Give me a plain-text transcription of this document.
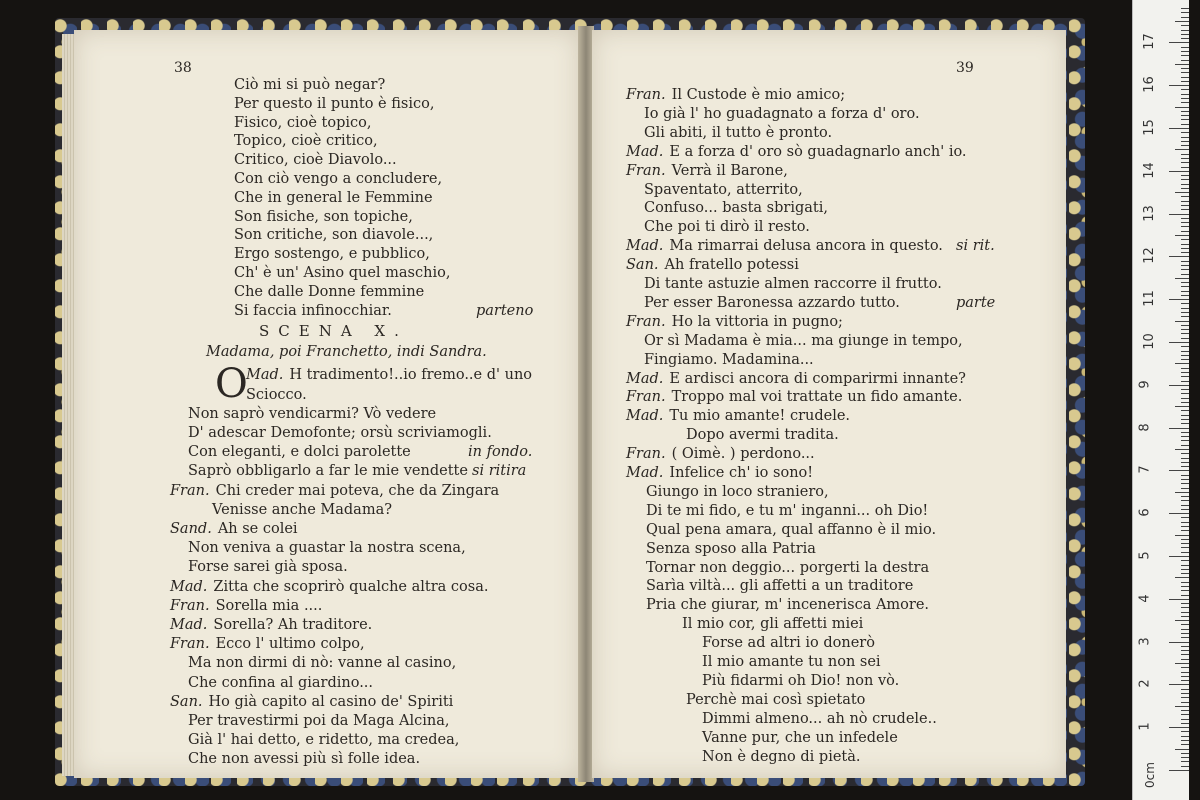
38
Ciò mi si può negar?
Per questo il punto è fisico,
Fisico, cioè topico,
Topico, cioè critico,
Critico, cioè Diavolo...
Con ciò vengo a concludere,
Che in general le Femmine
Son fisiche, son topiche,
Son critiche, son diavole...,
Ergo sostengo, e pubblico,
Ch' è un' Asino quel maschio,
Che dalle Donne femmine
Si faccia infinocchiar.	parteno
SCENA X.
Madama, poi Franchetto, indi Sandra.
O
Mad. H tradimento!..io fremo..e d' uno
Sciocco.
Non saprò vendicarmi? Vò vedere
D' adescar Demofonte; orsù scriviamogli.
Con eleganti, e dolci parolette
Saprò obbligarlo a far le mie vendette
Fran. Chi creder mai poteva, che da Zingara
Venisse anche Madama?
Sand. Ah se colei
Non veniva a guastar la nostra scena,
Forse sarei già sposa.
Mad. Zitta che scoprirò qualche altra cosa.
Fran. Sorella mia ....
Mad. Sorella? Ah traditore.
Fran. Ecco l' ultimo colpo,
Ma non dirmi di nò: vanne al casino,
Che confina al giardino...
San. Ho già capito al casino de' Spiriti
Per travestirmi poi da Maga Alcina,
Già l' hai detto, e ridetto, ma credea,
Che non avessi più sì folle idea.
in fondo.
si ritira
39
Fran. Il Custode è mio amico;
Io già l' ho guadagnato a forza d' oro.
Gli abiti, il tutto è pronto.
Mad. E a forza d' oro sò guadagnarlo anch' io.
Fran. Verrà il Barone,
Spaventato, atterrito,
Confuso... basta sbrigati,
Che poi ti dirò il resto.
Mad. Ma rimarrai delusa ancora in questo.
San. Ah fratello potessi
Di tante astuzie almen raccorre il frutto.
Per esser Baronessa azzardo tutto.
Fran. Ho la vittoria in pugno;
Or sì Madama è mia... ma giunge in tempo,
Fingiamo. Madamina...
Mad. E ardisci ancora di comparirmi innante?
Fran. Troppo mal voi trattate un fido amante.
Mad. Tu mio amante! crudele.
Dopo avermi tradita.
Fran. ( Oimè. ) perdono...
Mad. Infelice ch' io sono!
Giungo in loco straniero,
Di te mi fido, e tu m' inganni... oh Dio!
Qual pena amara, qual affanno è il mio.
Senza sposo alla Patria
Tornar non deggio... porgerti la destra
Sarìa viltà... gli affetti a un traditore
Pria che giurar, m' incenerisca Amore.
Il mio cor, gli affetti miei
Forse ad altri io donerò
Il mio amante tu non sei
Più fidarmi oh Dio! non vò.
Perchè mai così spietato
Dimmi almeno... ah nò crudele..
Vanne pur, che un infedele
Non è degno di pietà.
si rit.
parte
1
2
3
4
5
6
7
8
9
10
11
12
13
14
15
16
17
0cm
